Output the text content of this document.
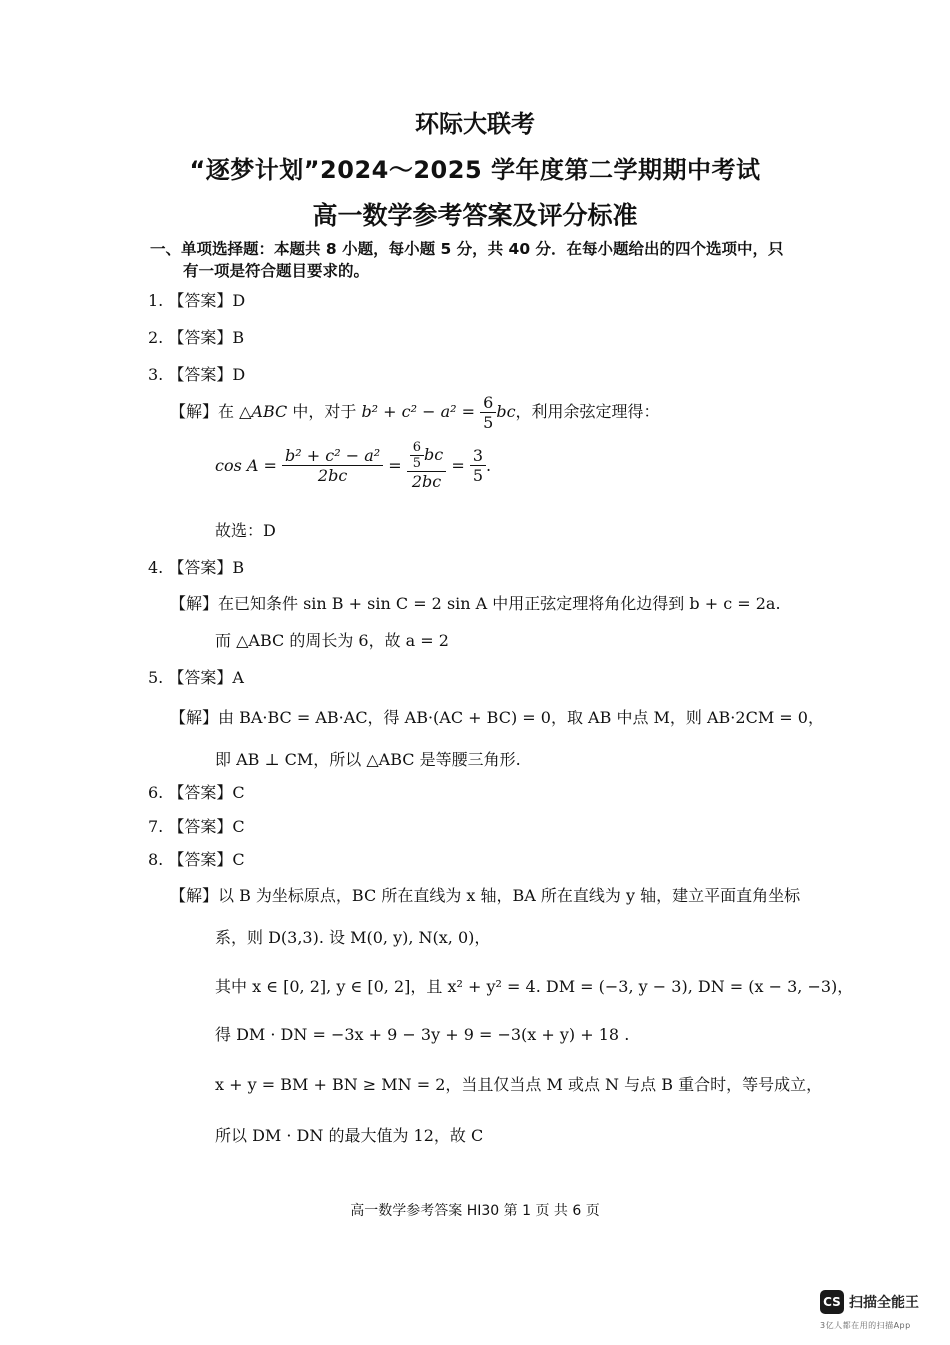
环际大联考
“逐梦计划”2024～2025 学年度第二学期期中考试
高一数学参考答案及评分标准
一、单项选择题：本题共 8 小题，每小题 5 分，共 40 分．在每小题给出的四个选项中，只
有一项是符合题目要求的。
1. 【答案】D
2. 【答案】B
3. 【答案】D
【解】在 △ABC 中，对于 $b^2 + c^2 - a^2 = \frac{6}{5}$ bc，利用余弦定理得：
$\cos A = \frac{\text{b² + c² − a²}}{2bc} = \frac{\frac{6}{5} bc}{2bc} = \frac{3}{5}$ .
故选：D
4. 【答案】B
【解】在已知条件 sin B + sin C = 2 sin A 中用正弦定理将角化边得到 b + c = 2a.
而 △ABC 的周长为 6，故 a = 2
5. 【答案】A
【解】由 BA·BC = AB·AC，得 AB·(AC + BC) = 0，取 AB 中点 M，则 AB·2CM = 0，
即 AB ⊥ CM，所以 △ABC 是等腰三角形.
6. 【答案】C
7. 【答案】C
8. 【答案】C
【解】以 B 为坐标原点，BC 所在直线为 x 轴，BA 所在直线为 y 轴，建立平面直角坐标
系，则 D(3,3). 设 M(0, y), N(x, 0)，
其中 x ∈ [0, 2], y ∈ [0, 2]，且 x² + y² = 4. DM = (−3, y − 3), DN = (x − 3, −3)，
得 DM · DN = −3x + 9 − 3y + 9 = −3(x + y) + 18 .
x + y = BM + BN ≥ MN = 2，当且仅当点 M 或点 N 与点 B 重合时，等号成立，
所以 DM · DN 的最大值为 12，故 C
高一数学参考答案 HI30 第 1 页 共 6 页
CS 扫描全能王
3亿人都在用的扫描App
